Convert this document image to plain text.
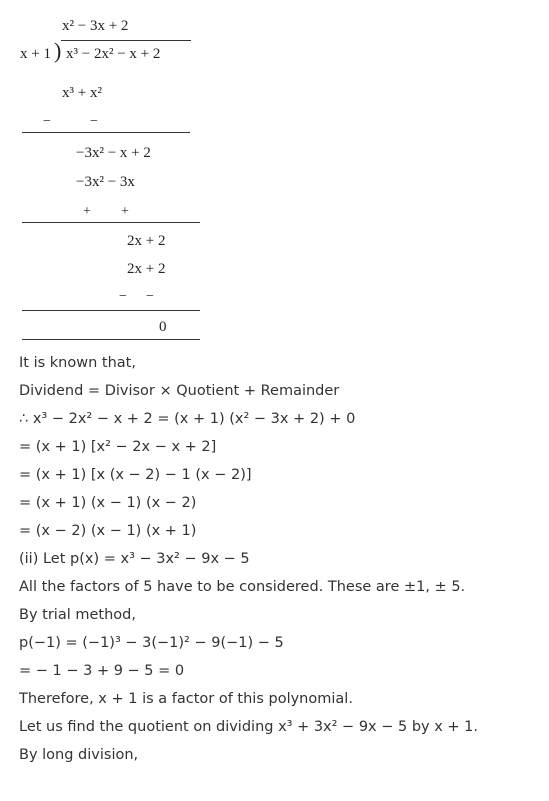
x² − 3x + 2
x + 1 ) x³ − 2x² − x + 2
x³ + x²
−	−
−3x² − x + 2
−3x² − 3x
+ +
2x + 2
2x + 2
− −
0
It is known that,
Dividend = Divisor × Quotient + Remainder
∴ x³ − 2x² − x + 2 = (x + 1) (x² − 3x + 2) + 0
= (x + 1) [x² − 2x − x + 2]
= (x + 1) [x (x − 2) − 1 (x − 2)]
= (x + 1) (x − 1) (x − 2)
= (x − 2) (x − 1) (x + 1)
(ii) Let p(x) = x³ − 3x² − 9x − 5
All the factors of 5 have to be considered. These are ±1, ± 5.
By trial method,
p(−1) = (−1)³ − 3(−1)² − 9(−1) − 5
= − 1 − 3 + 9 − 5 = 0
Therefore, x + 1 is a factor of this polynomial.
Let us find the quotient on dividing x³ + 3x² − 9x − 5 by x + 1.
By long division,
